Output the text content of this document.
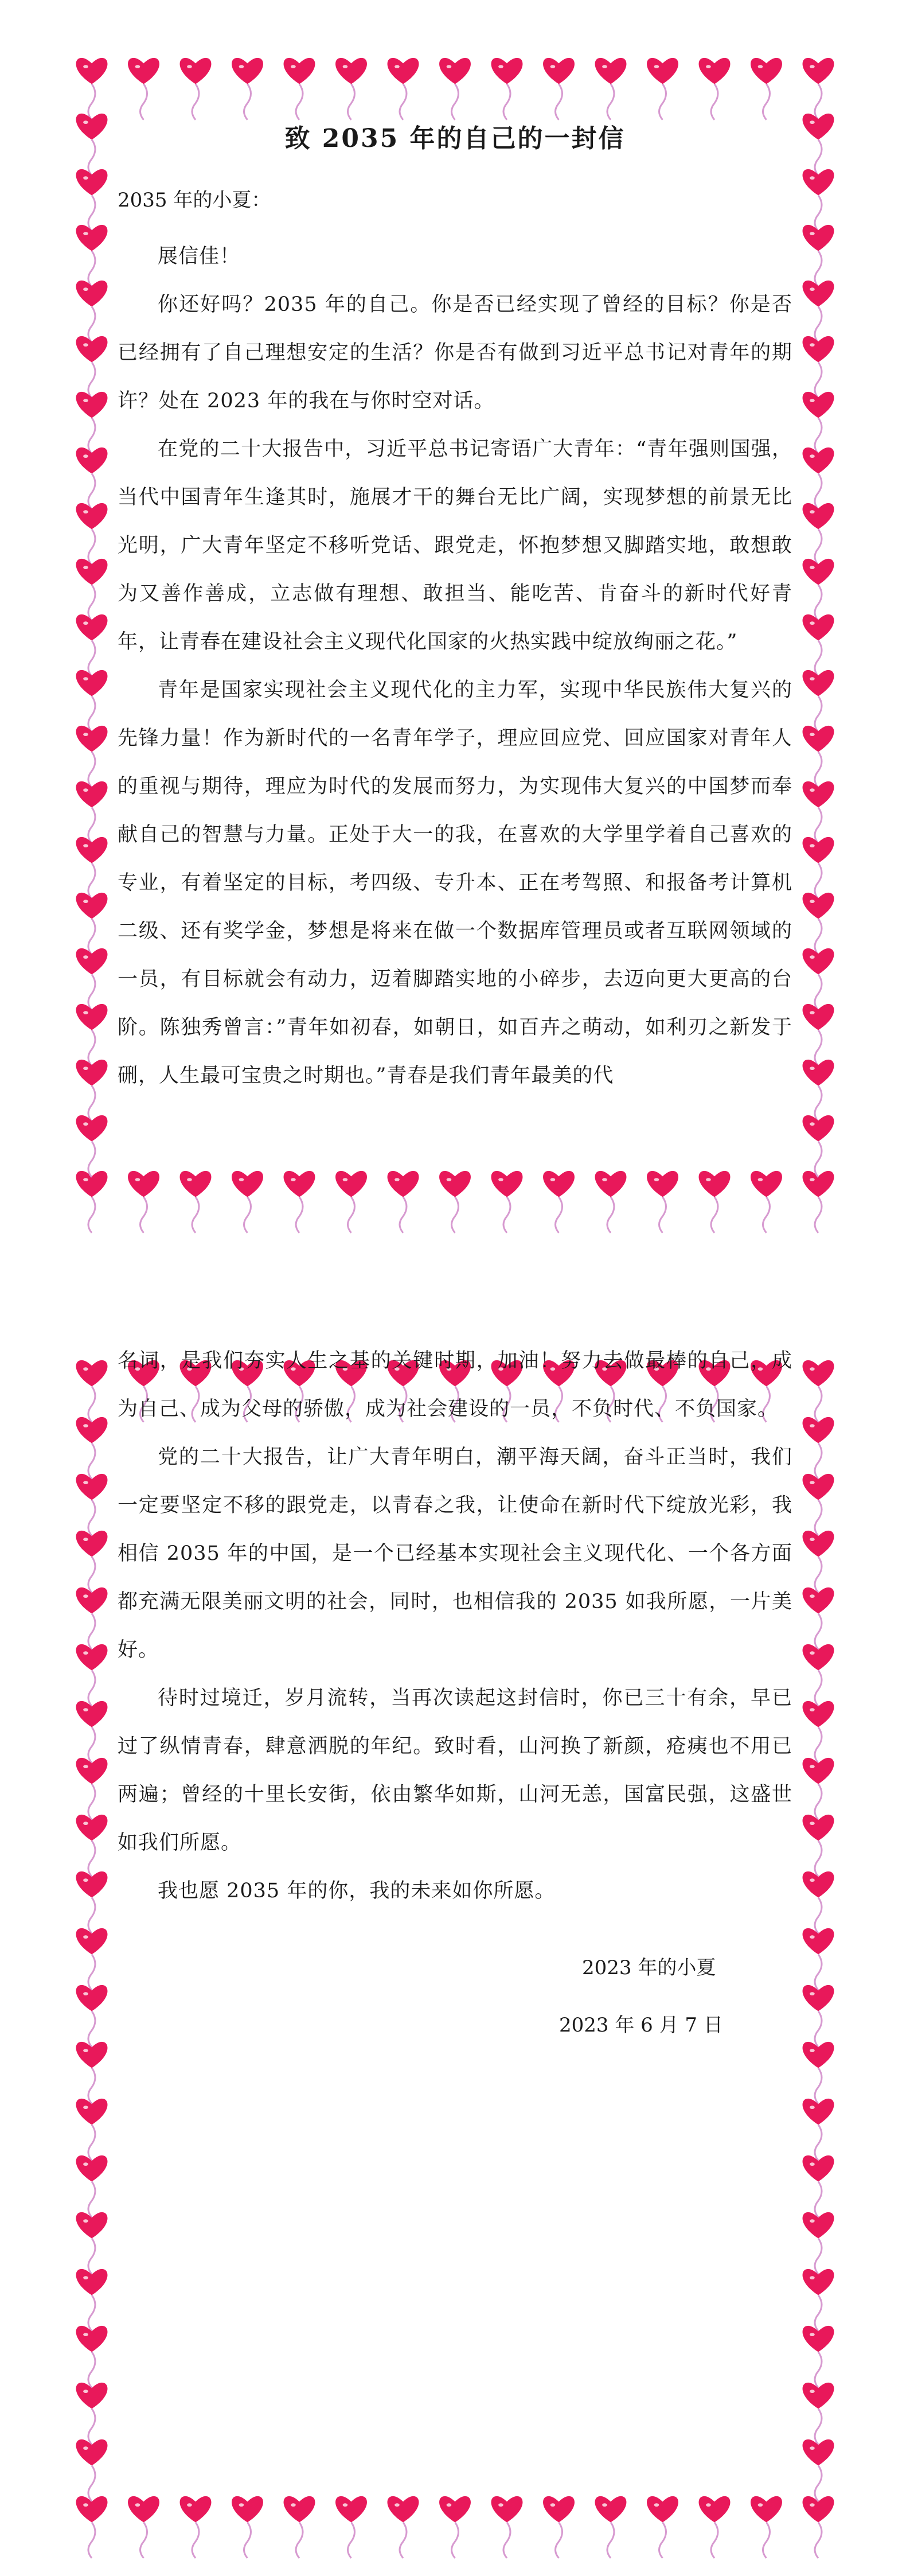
致 2035 年的自己的一封信
2035 年的小夏：

展信佳！

你还好吗？2035 年的自己。你是否已经实现了曾经的目标？你是否已经拥有了自己理想安定的生活？你是否有做到习近平总书记对青年的期许？处在 2023 年的我在与你时空对话。

在党的二十大报告中，习近平总书记寄语广大青年：“青年强则国强，当代中国青年生逢其时，施展才干的舞台无比广阔，实现梦想的前景无比光明，广大青年坚定不移听党话、跟党走，怀抱梦想又脚踏实地，敢想敢为又善作善成，立志做有理想、敢担当、能吃苦、肯奋斗的新时代好青年，让青春在建设社会主义现代化国家的火热实践中绽放绚丽之花。”

青年是国家实现社会主义现代化的主力军，实现中华民族伟大复兴的先锋力量！作为新时代的一名青年学子，理应回应党、回应国家对青年人的重视与期待，理应为时代的发展而努力，为实现伟大复兴的中国梦而奉献自己的智慧与力量。正处于大一的我，在喜欢的大学里学着自己喜欢的专业，有着坚定的目标，考四级、专升本、正在考驾照、和报备考计算机二级、还有奖学金，梦想是将来在做一个数据库管理员或者互联网领域的一员，有目标就会有动力，迈着脚踏实地的小碎步，去迈向更大更高的台阶。陈独秀曾言：”青年如初春，如朝日，如百卉之萌动，如利刃之新发于硎，人生最可宝贵之时期也。”青春是我们青年最美的代

名词，是我们夯实人生之基的关键时期，加油！努力去做最棒的自己，成为自己、成为父母的骄傲，成为社会建设的一员，不负时代、不负国家。

党的二十大报告，让广大青年明白，潮平海天阔，奋斗正当时，我们一定要坚定不移的跟党走，以青春之我，让使命在新时代下绽放光彩，我相信 2035 年的中国，是一个已经基本实现社会主义现代化、一个各方面都充满无限美丽文明的社会，同时，也相信我的 2035 如我所愿，一片美好。

待时过境迁，岁月流转，当再次读起这封信时，你已三十有余，早已过了纵情青春，肆意洒脱的年纪。致时看，山河换了新颜，疮痍也不用已两遍；曾经的十里长安街，依由繁华如斯，山河无恙，国富民强，这盛世如我们所愿。

我也愿 2035 年的你，我的未来如你所愿。

2023 年的小夏
2023 年 6 月 7 日
